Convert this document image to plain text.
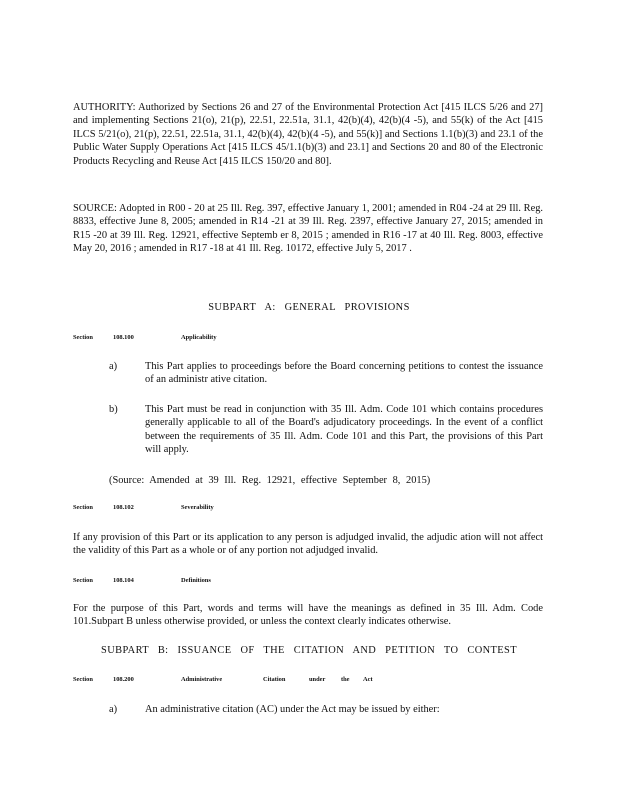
AUTHORITY: Authorized by Sections 26 and 27 of the Environmental Protection Act [415 ILCS 5/26 and 27] and implementing Sections 21(o), 21(p), 22.51, 22.51a, 31.1, 42(b)(4), 42(b)(4 -5), and 55(k) of the Act [415 ILCS 5/21(o), 21(p), 22.51, 22.51a, 31.1, 42(b)(4), 42(b)(4 -5), and 55(k)] and Sections 1.1(b)(3) and 23.1 of the Public Water Supply Operations Act [415 ILCS 45/1.1(b)(3) and 23.1] and Sections 20 and 80 of the Electronic Products Recycling and Reuse Act [415 ILCS 150/20 and 80].

SOURCE: Adopted in R00 - 20 at 25 Ill. Reg. 397, effective January 1, 2001; amended in R04 -24 at 29 Ill. Reg. 8833, effective June 8, 2005; amended in R14 -21 at 39 Ill. Reg. 2397, effective January 27, 2015; amended in R15 -20 at 39 Ill. Reg. 12921, effective Septemb er 8, 2015 ; amended in R16 -17 at 40 Ill. Reg. 8003, effective May 20, 2016 ; amended in R17 -18 at 41 Ill. Reg. 10172, effective July 5, 2017 .

SUBPART A: GENERAL PROVISIONS
Section	108.100	Applicability
a)	This Part applies to proceedings before the Board concerning petitions to contest the issuance of an administr ative citation.

b)	This Part must be read in conjunction with 35 Ill. Adm. Code 101 which contains procedures generally applicable to all of the Board's adjudicatory proceedings. In the event of a conflict between the requirements of 35 Ill. Adm. Code 101 and this Part, the provisions of this Part will apply.

(Source: Amended at 39 Ill. Reg. 12921, effective September 8, 2015)
Section	108.102	Severability

If any provision of this Part or its application to any person is adjudged invalid, the adjudic ation will not affect the validity of this Part as a whole or of any portion not adjudged invalid.

Section	108.104	Definitions

For the purpose of this Part, words and terms will have the meanings as defined in 35 Ill. Adm. Code 101.Subpart B unless otherwise provided, or unless the context clearly indicates otherwise.

SUBPART B: ISSUANCE OF THE CITATION AND PETITION TO CONTEST
Section	108.200	Administrative	Citation	under the Act
a)	An administrative citation (AC) under the Act may be issued by either:
